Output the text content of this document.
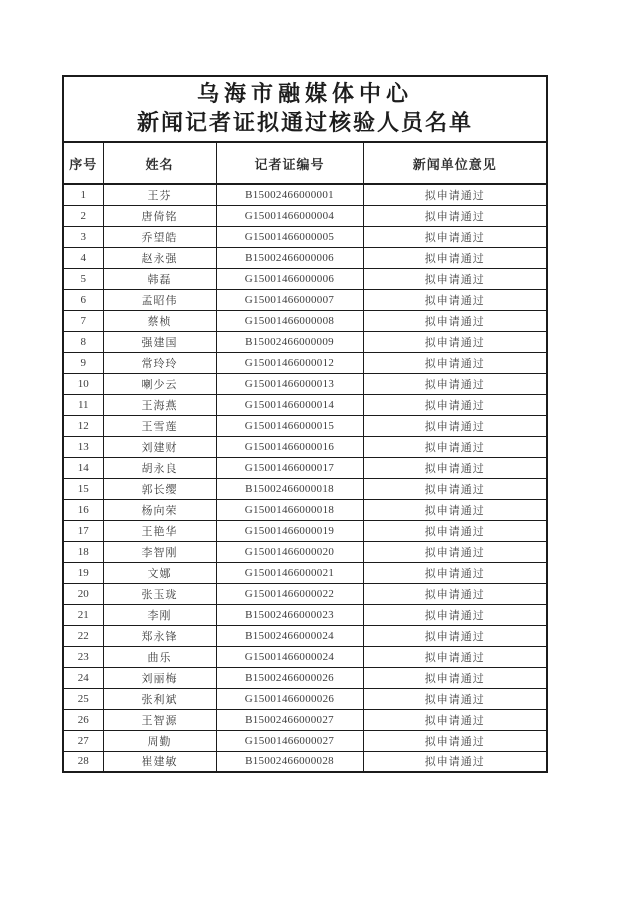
乌海市融媒体中心
新闻记者证拟通过核验人员名单			

序号	姓名	记者证编号	新闻单位意见
1	王芬	B15002466000001	拟申请通过
2	唐倚铭	G15001466000004	拟申请通过
3	乔望皓	G15001466000005	拟申请通过
4	赵永强	B15002466000006	拟申请通过
5	韩磊	G15001466000006	拟申请通过
6	孟昭伟	G15001466000007	拟申请通过
7	蔡桢	G15001466000008	拟申请通过
8	强建国	B15002466000009	拟申请通过
9	常玲玲	G15001466000012	拟申请通过
10	喇少云	G15001466000013	拟申请通过
11	王海燕	G15001466000014	拟申请通过
12	王雪莲	G15001466000015	拟申请通过
13	刘建财	G15001466000016	拟申请通过
14	胡永良	G15001466000017	拟申请通过
15	郭长缨	B15002466000018	拟申请通过
16	杨向荣	G15001466000018	拟申请通过
17	王艳华	G15001466000019	拟申请通过
18	李智刚	G15001466000020	拟申请通过
19	文娜	G15001466000021	拟申请通过
20	张玉珑	G15001466000022	拟申请通过
21	李刚	B15002466000023	拟申请通过
22	郑永锋	B15002466000024	拟申请通过
23	曲乐	G15001466000024	拟申请通过
24	刘丽梅	B15002466000026	拟申请通过
25	张利斌	G15001466000026	拟申请通过
26	王智源	B15002466000027	拟申请通过
27	周勤	G15001466000027	拟申请通过
28	崔建敏	B15002466000028	拟申请通过
